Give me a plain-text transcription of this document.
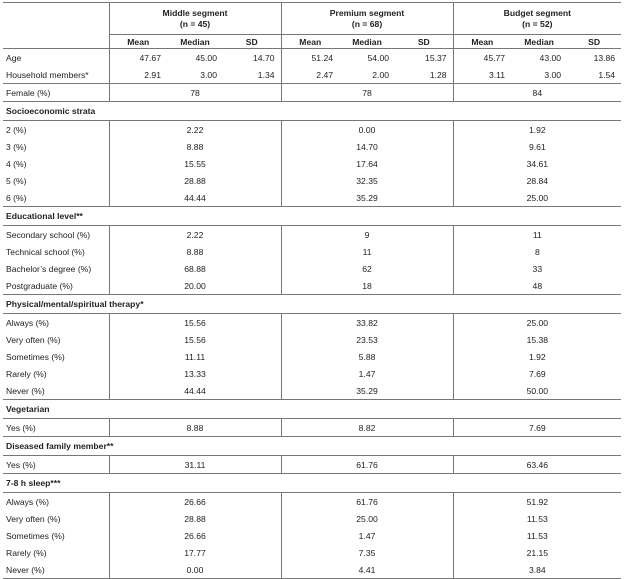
	Middle segment
(n = 45)			Premium segment
(n = 68)			Budget segment
(n = 52)		
	Mean	Median	SD	Mean	Median	SD	Mean	Median	SD
Age	47.67	45.00	14.70	51.24	54.00	15.37	45.77	43.00	13.86
Household members*	2.91	3.00	1.34	2.47	2.00	1.28	3.11	3.00	1.54
Female (%)	78			78			84		
Socioeconomic strata									
2 (%)	2.22			0.00			1.92		
3 (%)	8.88			14.70			9.61		
4 (%)	15.55			17.64			34.61		
5 (%)	28.88			32.35			28.84		
6 (%)	44.44			35.29			25.00		
Educational level**									
Secondary school (%)	2.22			9			11		
Technical school (%)	8.88			11			8		
Bachelor’s degree (%)	68.88			62			33		
Postgraduate (%)	20.00			18			48		
Physical/mental/spiritual therapy*									
Always (%)	15.56			33.82			25.00		
Very often (%)	15.56			23.53			15.38		
Sometimes (%)	11.11			5.88			1.92		
Rarely (%)	13.33			1.47			7.69		
Never (%)	44.44			35.29			50.00		
Vegetarian									
Yes (%)	8.88			8.82			7.69		
Diseased family member**									
Yes (%)	31.11			61.76			63.46		
7-8 h sleep***									
Always (%)	26.66			61.76			51.92		
Very often (%)	28.88			25.00			11.53		
Sometimes (%)	26.66			1.47			11.53		
Rarely (%)	17.77			7.35			21.15		
Never (%)	0.00			4.41			3.84		
